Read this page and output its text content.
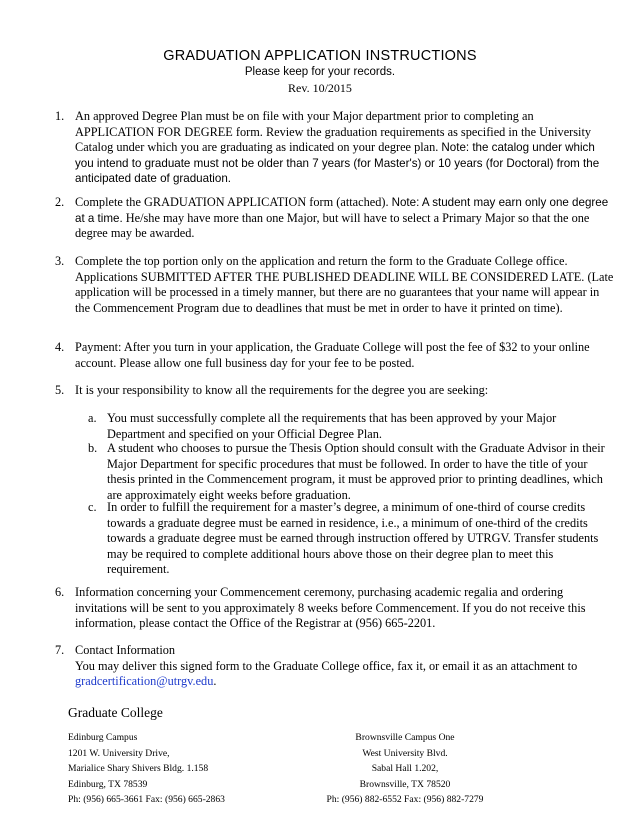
GRADUATION APPLICATION INSTRUCTIONS
Please keep for your records.
Rev. 10/2015
1. An approved Degree Plan must be on file with your Major department prior to completing an APPLICATION FOR DEGREE form. Review the graduation requirements as specified in the University Catalog under which you are graduating as indicated on your degree plan. Note: the catalog under which you intend to graduate must not be older than 7 years (for Master's) or 10 years (for Doctoral) from the anticipated date of graduation.
2. Complete the GRADUATION APPLICATION form (attached). Note: A student may earn only one degree at a time. He/she may have more than one Major, but will have to select a Primary Major so that the one degree may be awarded.
3. Complete the top portion only on the application and return the form to the Graduate College office. Applications SUBMITTED AFTER THE PUBLISHED DEADLINE WILL BE CONSIDERED LATE. (Late application will be processed in a timely manner, but there are no guarantees that your name will appear in the Commencement Program due to deadlines that must be met in order to have it printed on time).
4. Payment: After you turn in your application, the Graduate College will post the fee of $32 to your online account. Please allow one full business day for your fee to be posted.
5. It is your responsibility to know all the requirements for the degree you are seeking:
a. You must successfully complete all the requirements that has been approved by your Major Department and specified on your Official Degree Plan.
b. A student who chooses to pursue the Thesis Option should consult with the Graduate Advisor in their Major Department for specific procedures that must be followed. In order to have the title of your thesis printed in the Commencement program, it must be approved prior to printing deadlines, which are approximately eight weeks before graduation.
c. In order to fulfill the requirement for a master’s degree, a minimum of one-third of course credits towards a graduate degree must be earned in residence, i.e., a minimum of one-third of the credits towards a graduate degree must be earned through instruction offered by UTRGV. Transfer students may be required to complete additional hours above those on their degree plan to meet this requirement.
6. Information concerning your Commencement ceremony, purchasing academic regalia and ordering invitations will be sent to you approximately 8 weeks before Commencement. If you do not receive this information, please contact the Office of the Registrar at (956) 665-2201.
7. Contact Information
You may deliver this signed form to the Graduate College office, fax it, or email it as an attachment to gradcertification@utrgv.edu.
Graduate College
Edinburg Campus
1201 W. University Drive,
Marialice Shary Shivers Bldg. 1.158
Edinburg, TX 78539
Ph: (956) 665-3661 Fax: (956) 665-2863
Brownsville Campus One
West University Blvd.
Sabal Hall 1.202,
Brownsville, TX 78520
Ph: (956) 882-6552 Fax: (956) 882-7279
